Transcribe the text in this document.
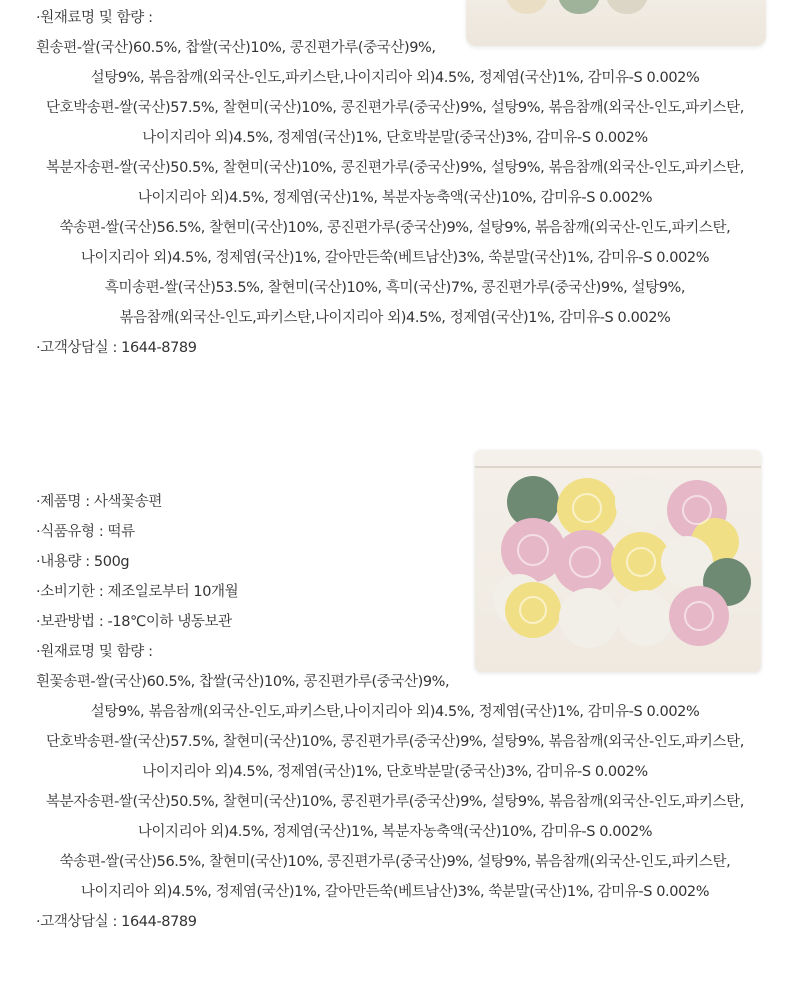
·원재료명 및 함량 :
흰송편-쌀(국산)60.5%, 찹쌀(국산)10%, 콩진편가루(중국산)9%,
설탕9%, 볶음참깨(외국산-인도,파키스탄,나이지리아 외)4.5%, 정제염(국산)1%, 감미유-S 0.002%
단호박송편-쌀(국산)57.5%, 찰현미(국산)10%, 콩진편가루(중국산)9%, 설탕9%, 볶음참깨(외국산-인도,파키스탄,
나이지리아 외)4.5%, 정제염(국산)1%, 단호박분말(중국산)3%, 감미유-S 0.002%
복분자송편-쌀(국산)50.5%, 찰현미(국산)10%, 콩진편가루(중국산)9%, 설탕9%, 볶음참깨(외국산-인도,파키스탄,
나이지리아 외)4.5%, 정제염(국산)1%, 복분자농축액(국산)10%, 감미유-S 0.002%
쑥송편-쌀(국산)56.5%, 찰현미(국산)10%, 콩진편가루(중국산)9%, 설탕9%, 볶음참깨(외국산-인도,파키스탄,
나이지리아 외)4.5%, 정제염(국산)1%, 갈아만든쑥(베트남산)3%, 쑥분말(국산)1%, 감미유-S 0.002%
흑미송편-쌀(국산)53.5%, 찰현미(국산)10%, 흑미(국산)7%, 콩진편가루(중국산)9%, 설탕9%,
볶음참깨(외국산-인도,파키스탄,나이지리아 외)4.5%, 정제염(국산)1%, 감미유-S 0.002%
·고객상담실 : 1644-8789
·제품명 : 사색꽃송편
·식품유형 : 떡류
·내용량 : 500g
·소비기한 : 제조일로부터 10개월
·보관방법 : -18℃이하 냉동보관
·원재료명 및 함량 :
흰꽃송편-쌀(국산)60.5%, 찹쌀(국산)10%, 콩진편가루(중국산)9%,
설탕9%, 볶음참깨(외국산-인도,파키스탄,나이지리아 외)4.5%, 정제염(국산)1%, 감미유-S 0.002%
단호박송편-쌀(국산)57.5%, 찰현미(국산)10%, 콩진편가루(중국산)9%, 설탕9%, 볶음참깨(외국산-인도,파키스탄,
나이지리아 외)4.5%, 정제염(국산)1%, 단호박분말(중국산)3%, 감미유-S 0.002%
복분자송편-쌀(국산)50.5%, 찰현미(국산)10%, 콩진편가루(중국산)9%, 설탕9%, 볶음참깨(외국산-인도,파키스탄,
나이지리아 외)4.5%, 정제염(국산)1%, 복분자농축액(국산)10%, 감미유-S 0.002%
쑥송편-쌀(국산)56.5%, 찰현미(국산)10%, 콩진편가루(중국산)9%, 설탕9%, 볶음참깨(외국산-인도,파키스탄,
나이지리아 외)4.5%, 정제염(국산)1%, 갈아만든쑥(베트남산)3%, 쑥분말(국산)1%, 감미유-S 0.002%
·고객상담실 : 1644-8789
